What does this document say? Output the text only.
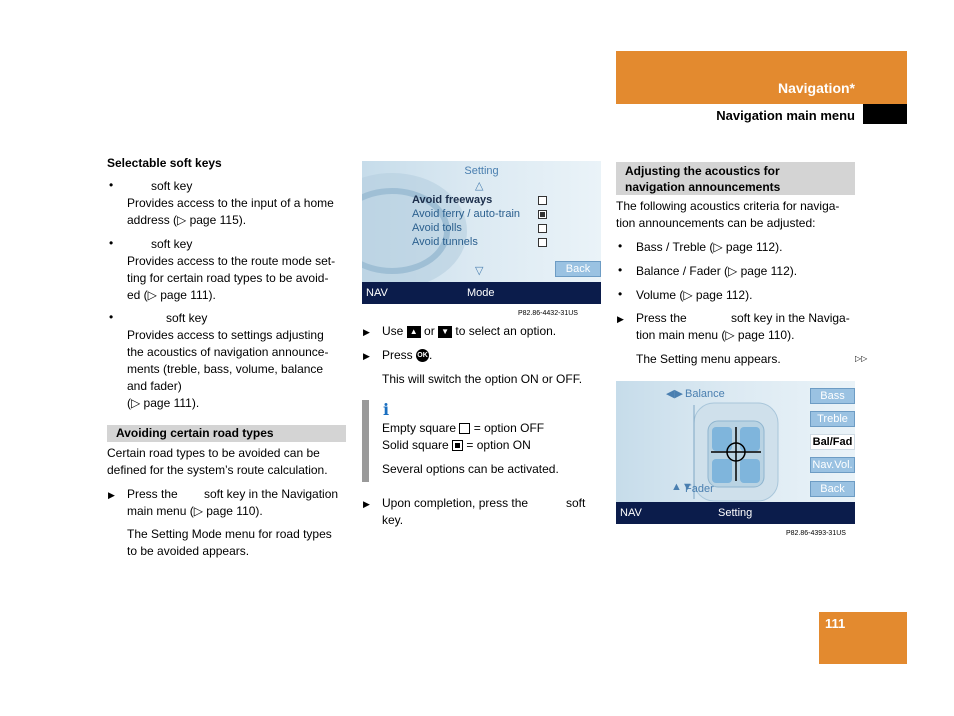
Navigation*
Navigation main menu
Selectable soft keys
•	soft key
Provides access to the input of a home
address (▷ page 115).
•	soft key
Provides access to the route mode set-
ting for certain road types to be avoid-
ed (▷ page 111).
•	soft key
Provides access to settings adjusting
the acoustics of navigation announce-
ments (treble, bass, volume, balance
and fader)
(▷ page 111).
Avoiding certain road types
Certain road types to be avoided can be
defined for the system’s route calculation.
▶ Press the soft key in the Navigation
main menu (▷ page 110).
The Setting Mode menu for road types
to be avoided appears.
Setting
△
Avoid freeways
Avoid ferry / auto-train
Avoid tolls
Avoid tunnels
▽	Back
NAV	Mode
P82.86-4432-31US
▶ Use ▲ or ▼ to select an option.
▶ Press OK.
This will switch the option ON or OFF.
i
Empty square = option OFF
Solid square = option ON
Several options can be activated.
▶ Upon completion, press the	soft
key.
Adjusting the acoustics for
navigation announcements
The following acoustics criteria for naviga-
tion announcements can be adjusted:
• Bass / Treble (▷ page 112).
• Balance / Fader (▷ page 112).
• Volume (▷ page 112).
▶ Press the	soft key in the Naviga-
tion main menu (▷ page 110).
The Setting menu appears.	▷▷
◀▶ Balance
▲▼
Fader
Bass
Treble
Bal/Fad
Nav.Vol.
Back
NAV	Setting
P82.86-4393-31US
111
